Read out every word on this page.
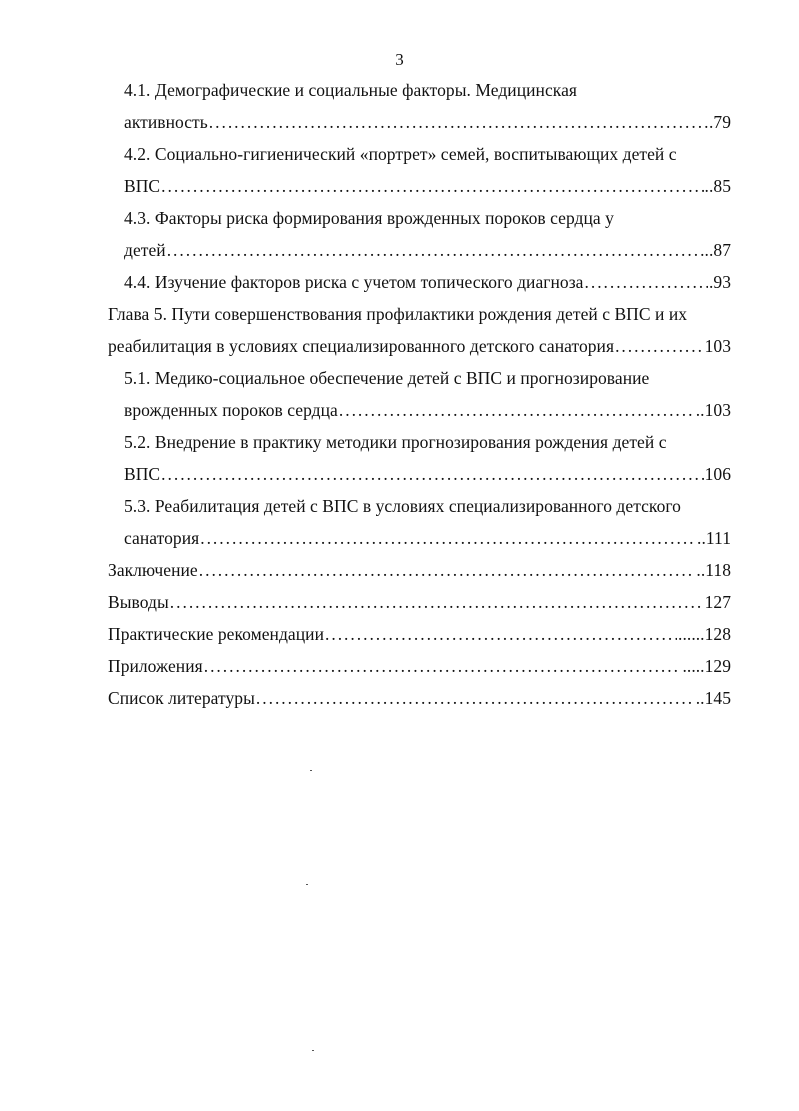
3
4.1. Демографические и социальные факторы. Медицинская
активность . . .	.79
4.2. Социально-гигиенический «портрет» семей, воспитывающих детей с
ВПС . . .	..85
4.3. Факторы риска формирования врожденных пороков сердца у
детей . . .	..87
4.4. Изучение факторов риска с учетом топического диагноза . . .	.93
Глава 5. Пути совершенствования профилактики рождения детей с ВПС и их
реабилитация в условиях специализированного детского санатория . . .	103
5.1. Медико-социальное обеспечение детей с ВПС и прогнозирование
врожденных пороков сердца . . .	..103
5.2. Внедрение в практику методики прогнозирования рождения детей с
ВПС . . .	106
5.3. Реабилитация детей с ВПС в условиях специализированного детского
санатория . . .	..111
Заключение . . .	..118
Выводы . . .	127
Практические рекомендации . . .	......128
Приложения . . .	.....129
Список литературы . . .	..145
